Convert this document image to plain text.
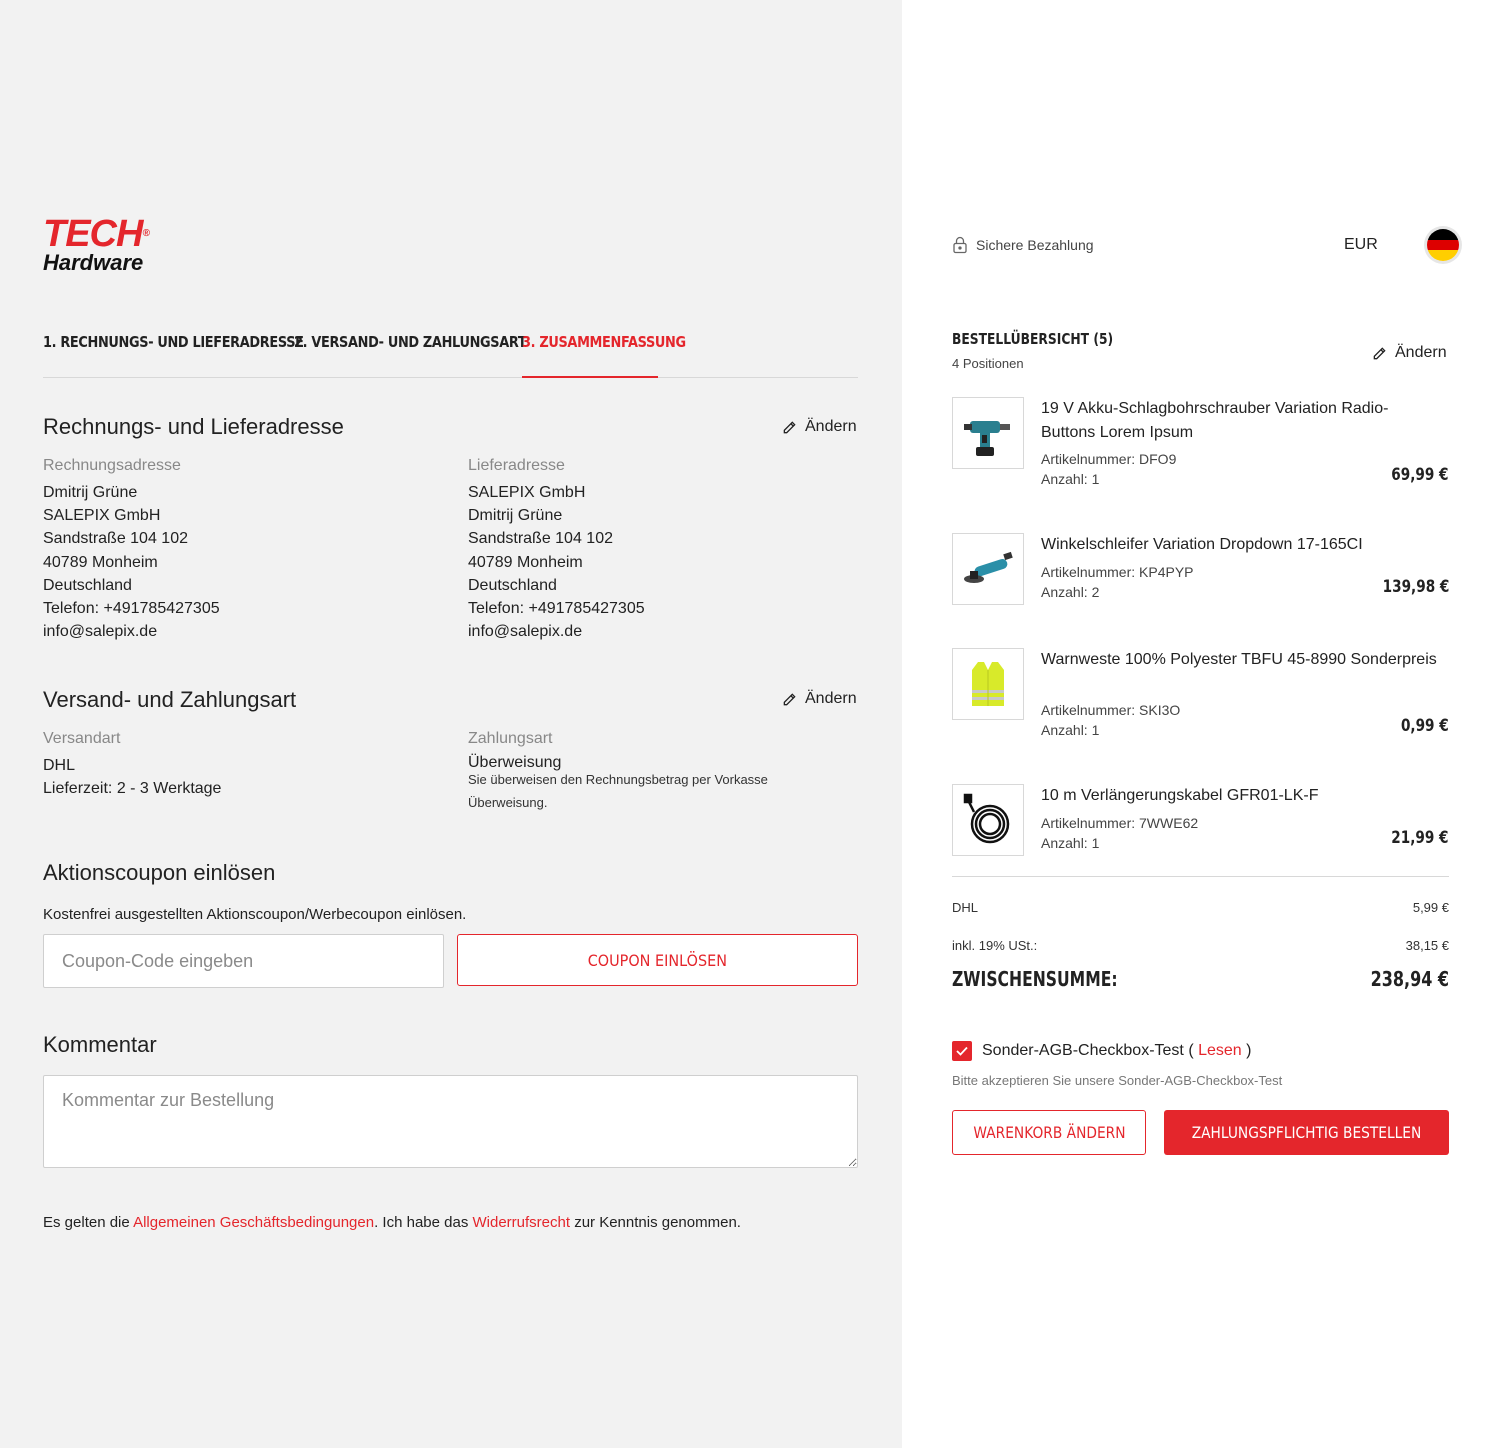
TECH®
Hardware
1. RECHNUNGS- UND LIEFERADRESSE
2. VERSAND- UND ZAHLUNGSART
3. ZUSAMMENFASSUNG
Rechnungs- und Lieferadresse	Ändern
Rechnungsadresse
Dmitrij Grüne
SALEPIX GmbH
Sandstraße 104 102
40789 Monheim
Deutschland
Telefon: +491785427305
info@salepix.de
Lieferadresse
SALEPIX GmbH
Dmitrij Grüne
Sandstraße 104 102
40789 Monheim
Deutschland
Telefon: +491785427305
info@salepix.de
Versand- und Zahlungsart	Ändern
Versandart
DHL
Lieferzeit: 2 - 3 Werktage
Zahlungsart
Überweisung
Sie überweisen den Rechnungsbetrag per Vorkasse Überweisung.
Aktionscoupon einlösen
Kostenfrei ausgestellten Aktionscoupon/Werbecoupon einlösen.
Coupon-Code eingeben
COUPON EINLÖSEN
Kommentar
Kommentar zur Bestellung
Es gelten die Allgemeinen Geschäftsbedingungen. Ich habe das Widerrufsrecht zur Kenntnis genommen.
Sichere Bezahlung	EUR
BESTELLÜBERSICHT (5)
4 Positionen
Ändern
19 V Akku-Schlagbohrschrauber Variation Radio-Buttons Lorem Ipsum
Artikelnummer: DFO9
Anzahl: 1	69,99 €
Winkelschleifer Variation Dropdown 17-165CI
Artikelnummer: KP4PYP
Anzahl: 2	139,98 €
Warnweste 100% Polyester TBFU 45-8990 Sonderpreis
Artikelnummer: SKI3O
Anzahl: 1	0,99 €
10 m Verlängerungskabel GFR01-LK-F
Artikelnummer: 7WWE62
Anzahl: 1	21,99 €
DHL	5,99 €
inkl. 19% USt.:	38,15 €
ZWISCHENSUMME:	238,94 €
Sonder-AGB-Checkbox-Test ( Lesen )
Bitte akzeptieren Sie unsere Sonder-AGB-Checkbox-Test
WARENKORB ÄNDERN	ZAHLUNGSPFLICHTIG BESTELLEN
